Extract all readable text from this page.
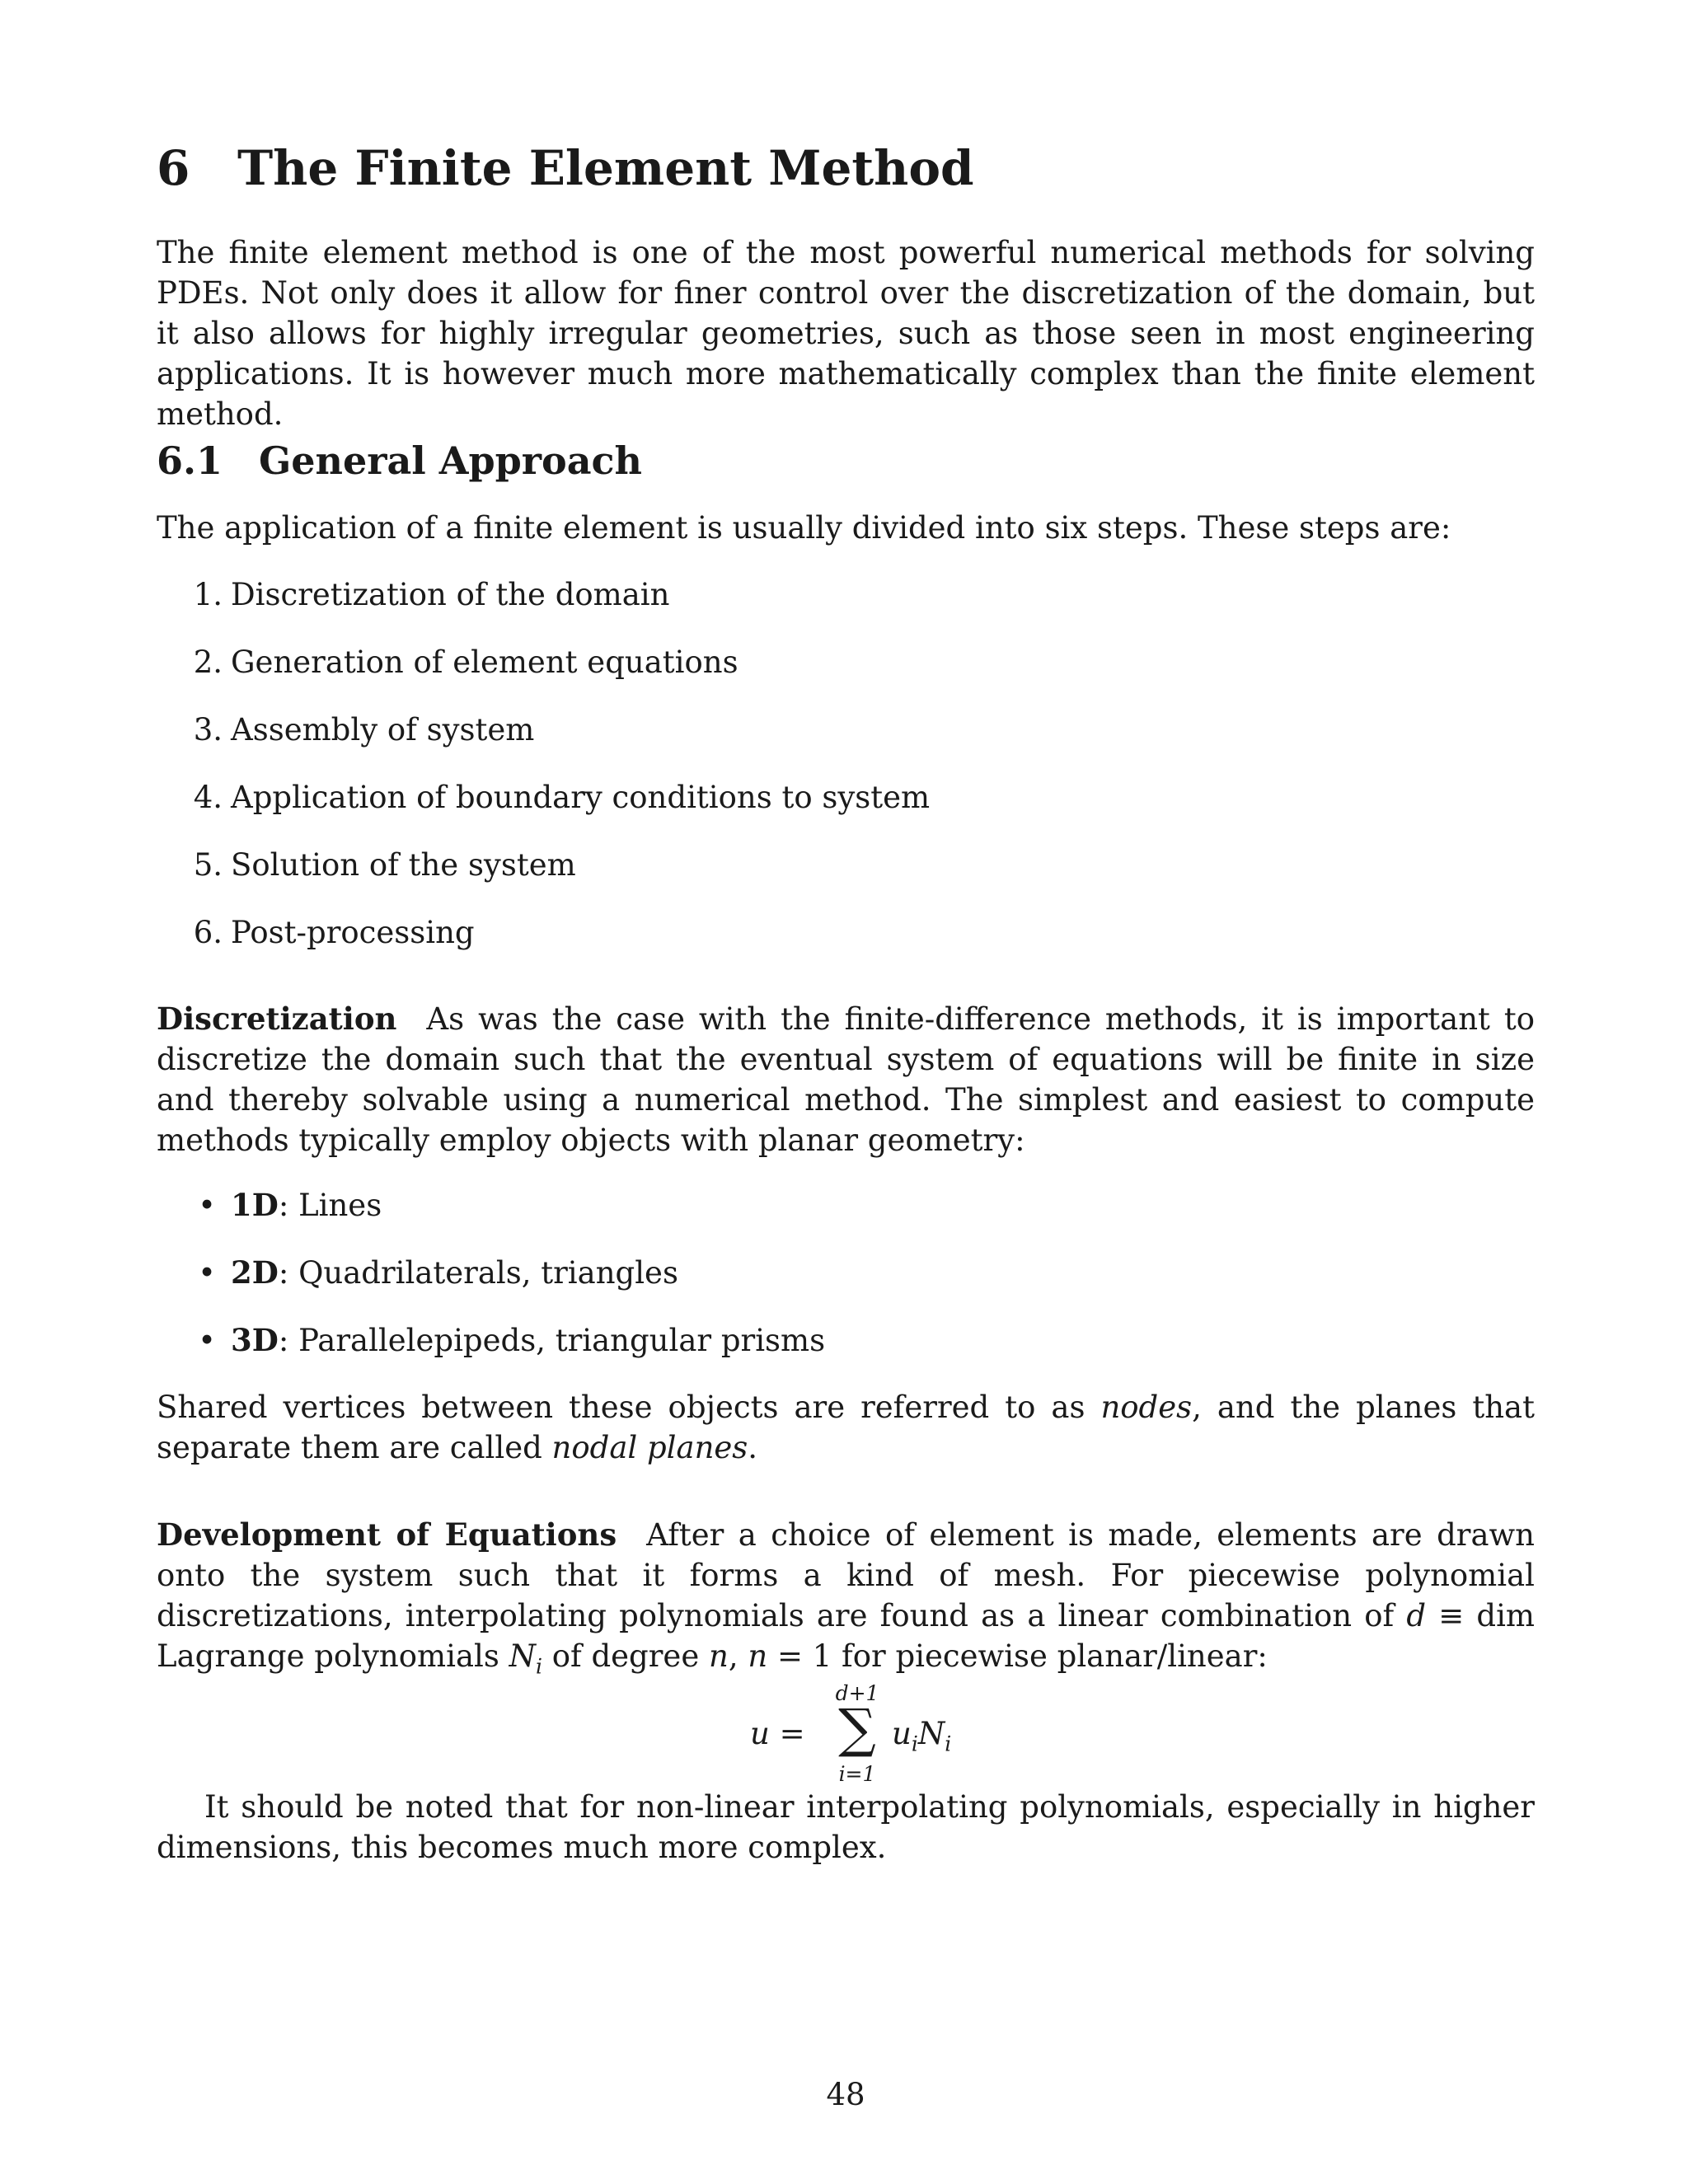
6 The Finite Element Method
The finite element method is one of the most powerful numerical methods for solving PDEs. Not only does it allow for finer control over the discretization of the domain, but it also allows for highly irregular geometries, such as those seen in most engineering applications. It is however much more mathematically complex than the finite element method.
6.1 General Approach
The application of a finite element is usually divided into six steps. These steps are:
1. Discretization of the domain
2. Generation of element equations
3. Assembly of system
4. Application of boundary conditions to system
5. Solution of the system
6. Post-processing
Discretization As was the case with the finite-difference methods, it is important to discretize the domain such that the eventual system of equations will be finite in size and thereby solvable using a numerical method. The simplest and easiest to compute methods typically employ objects with planar geometry:
• 1D: Lines
• 2D: Quadrilaterals, triangles
• 3D: Parallelepipeds, triangular prisms
Shared vertices between these objects are referred to as nodes, and the planes that separate them are called nodal planes.
Development of Equations After a choice of element is made, elements are drawn onto the system such that it forms a kind of mesh. For piecewise polynomial discretizations, interpolating polynomials are found as a linear combination of d ≡ dim Lagrange polynomials $N_i$ of degree n, n = 1 for piecewise planar/linear:
u =
d+1
∑
i=1
$u_iN_i$
It should be noted that for non-linear interpolating polynomials, especially in higher dimensions, this becomes much more complex.
48
